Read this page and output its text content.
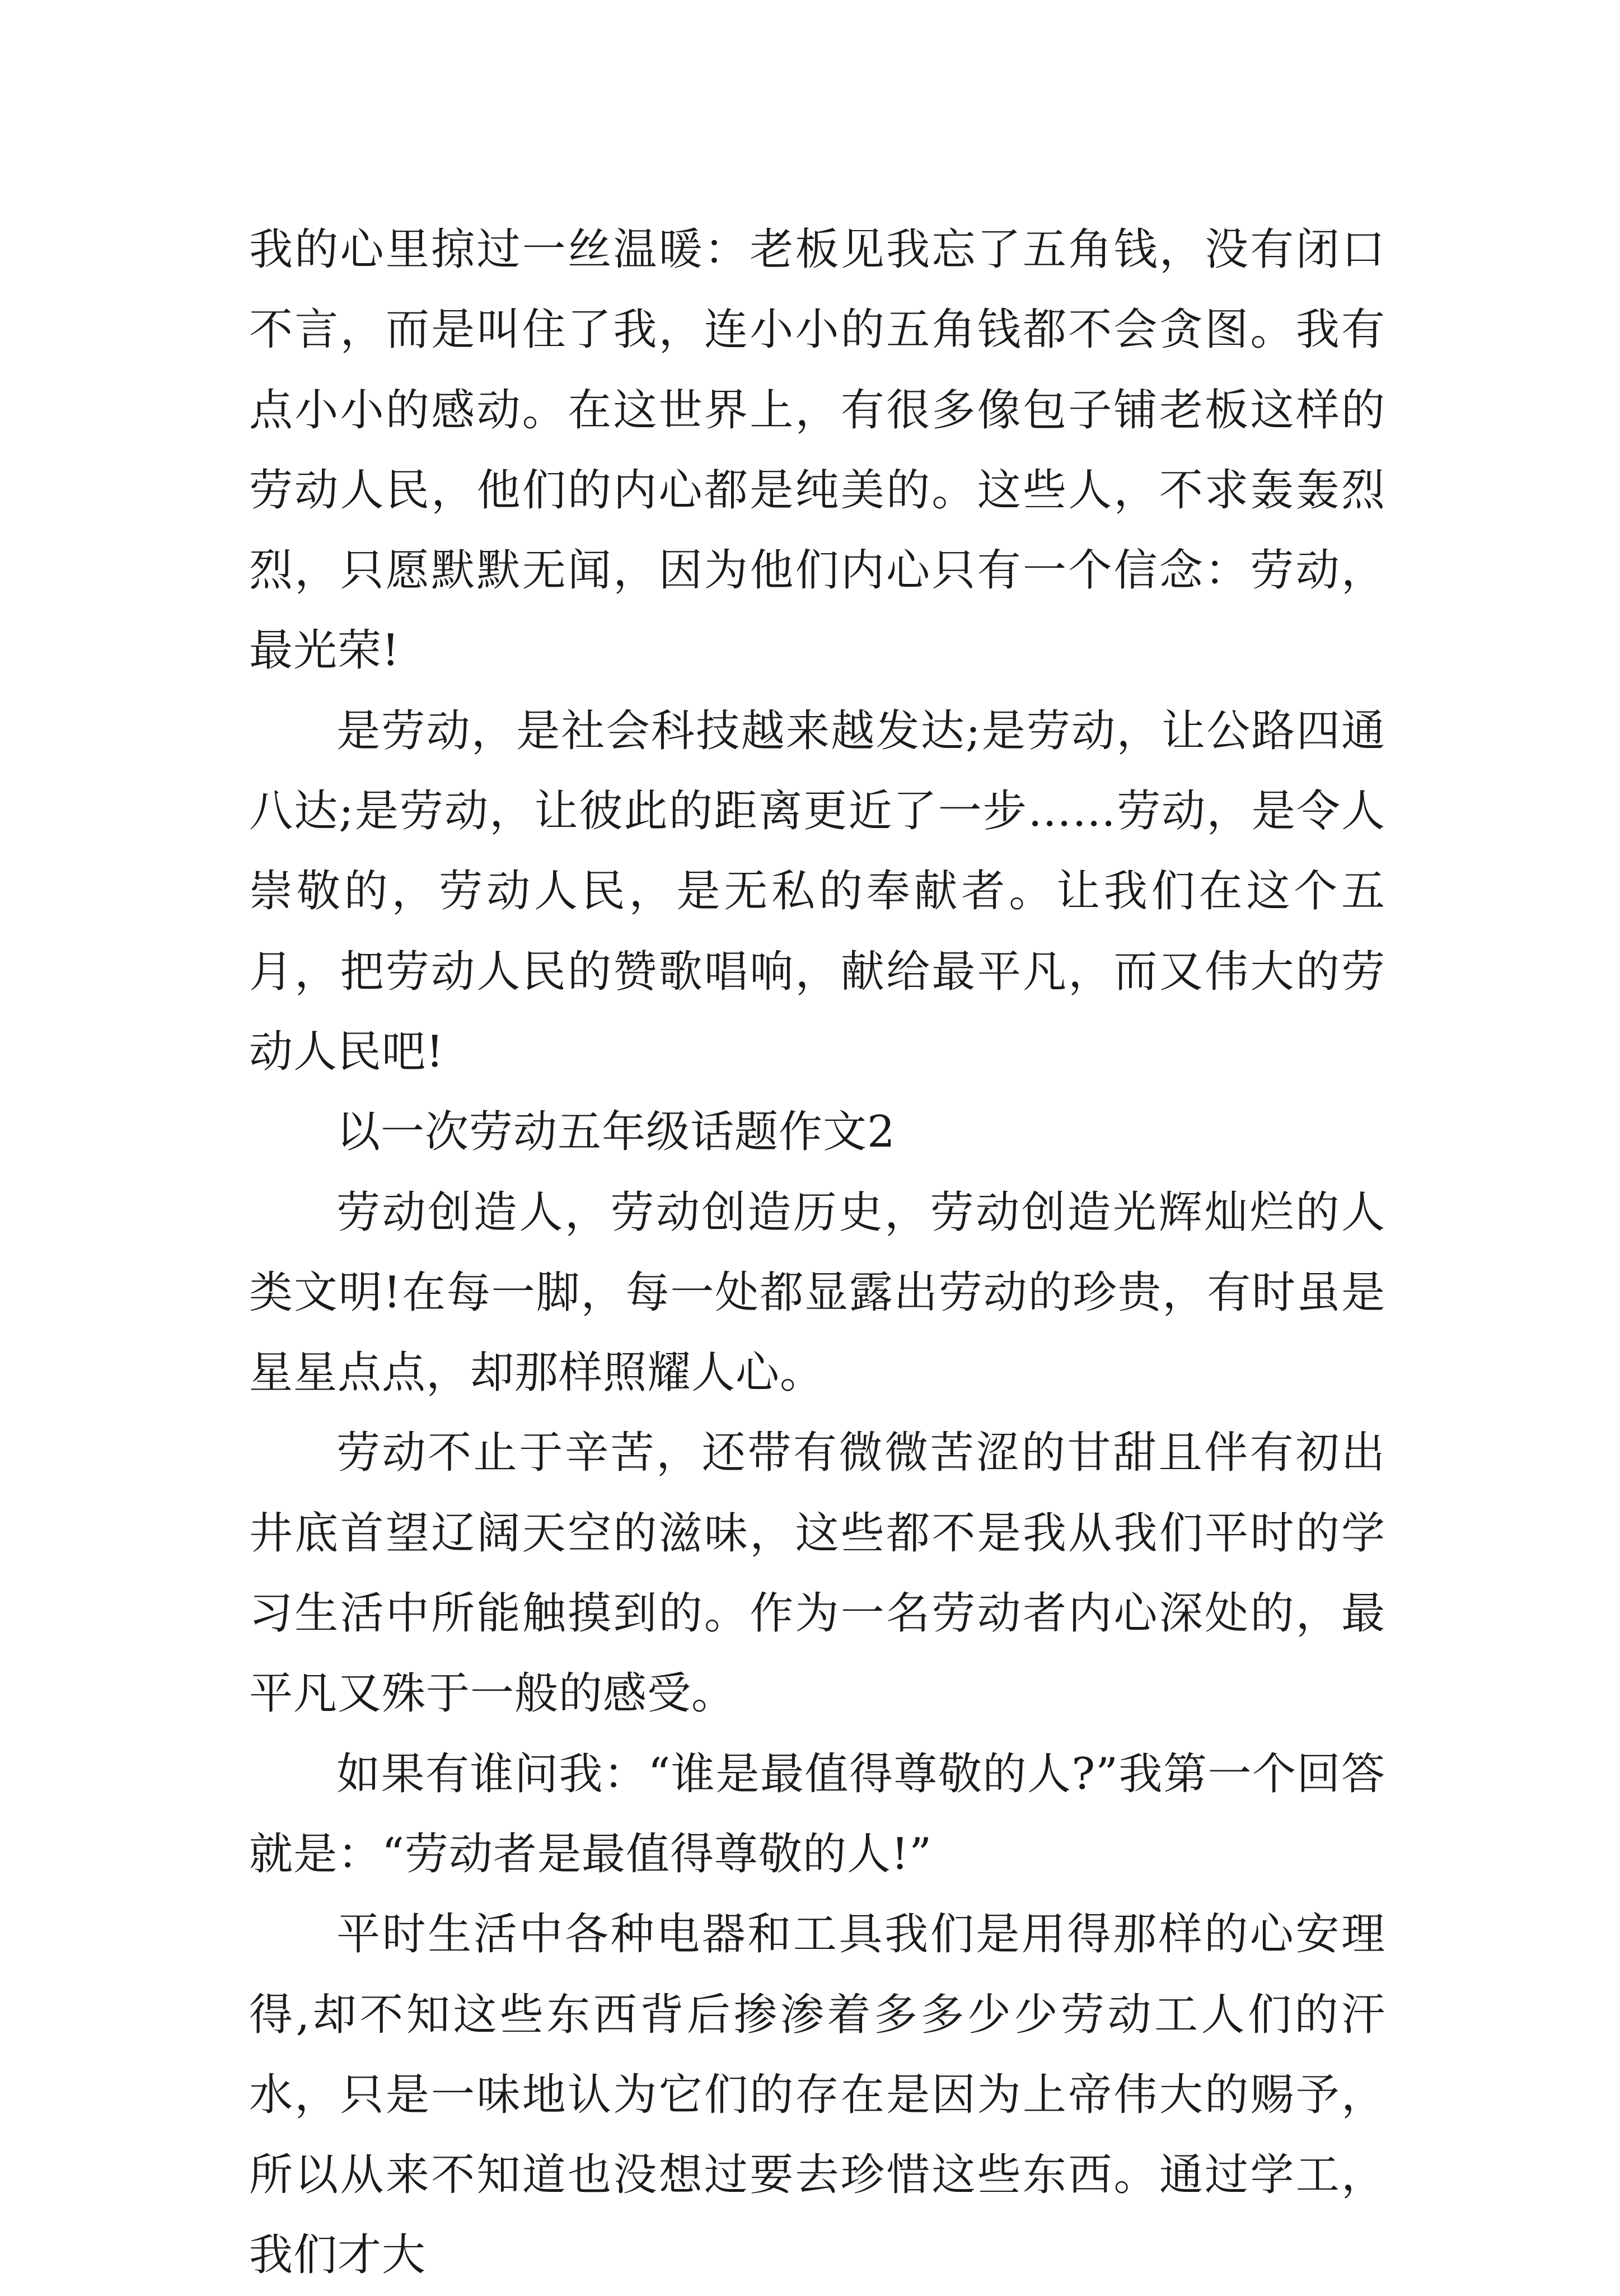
我的心里掠过一丝温暖：老板见我忘了五角钱，没有闭口不言，而是叫住了我，连小小的五角钱都不会贪图。我有点小小的感动。在这世界上，有很多像包子铺老板这样的劳动人民，他们的内心都是纯美的。这些人，不求轰轰烈烈，只愿默默无闻，因为他们内心只有一个信念：劳动，最光荣!

是劳动，是社会科技越来越发达;是劳动，让公路四通八达;是劳动，让彼此的距离更近了一步……劳动，是令人崇敬的，劳动人民，是无私的奉献者。让我们在这个五月，把劳动人民的赞歌唱响，献给最平凡，而又伟大的劳动人民吧!

以一次劳动五年级话题作文2

劳动创造人，劳动创造历史，劳动创造光辉灿烂的人类文明!在每一脚，每一处都显露出劳动的珍贵，有时虽是星星点点，却那样照耀人心。

劳动不止于辛苦，还带有微微苦涩的甘甜且伴有初出井底首望辽阔天空的滋味，这些都不是我从我们平时的学习生活中所能触摸到的。作为一名劳动者内心深处的，最平凡又殊于一般的感受。

如果有谁问我：“谁是最值得尊敬的人?”我第一个回答就是：“劳动者是最值得尊敬的人!”

平时生活中各种电器和工具我们是用得那样的心安理得,却不知这些东西背后掺渗着多多少少劳动工人们的汗水，只是一味地认为它们的存在是因为上帝伟大的赐予，所以从来不知道也没想过要去珍惜这些东西。通过学工，我们才大
